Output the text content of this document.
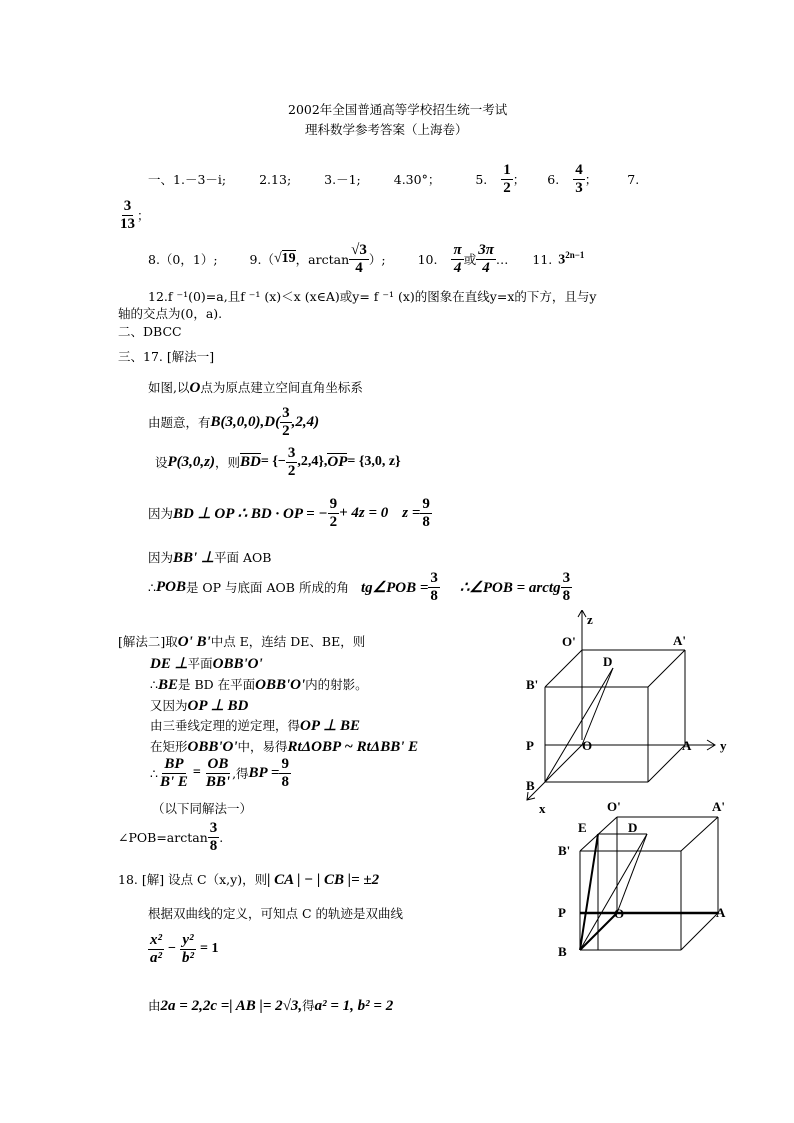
2002年全国普通高等学校招生统一考试
理科数学参考答案（上海卷）
一、 1.－3－i;	2.13;	3.－1;	4.30°；	5. $\frac{1}{2}$ ； 6. $\frac{4}{3}$ ； 7.
$\frac{3}{13}$ ；
8.（0，1）;	9.（ √19 ，$\arctan \frac{√3}{4}$ ）;	10. $\frac{\pi}{4}$ 或 $\frac{3\pi}{4}$ … 11. $3^{2n-1}$
12.f ⁻¹(0)=a,且f ⁻¹ (x)＜x (x∈A)或y= f ⁻¹ (x)的图象在直线y=x的下方，且与y
轴的交点为(0，a).
二、DBCC
三、17. [解法一]
如图,以O点为原点建立空间直角坐标系
由题意，有 $B(3,0,0),D( \frac{3}{2} ,2,4)$
设 P(3,0,z) ，则 BD = {− $\frac{3}{2} ,2,4$}, OP = {3,0, z}
因为 BD ⊥ OP ∴ BD · OP = − $\frac{9}{2} + 4z = 0$ $z = \frac{9}{8}$
因为BB' ⊥平面 AOB
∴ POB 是 OP 与底面 AOB 所成的角 tg∠POB = $\frac{3}{8}$ ∴∠POB = arctg $\frac{3}{8}$
[解法二]取O' B'中点 E，连结 DE、BE，则
DE ⊥平面OBB'O'
∴BE是 BD 在平面OBB'O'内的射影。
又因为OP ⊥ BD
由三垂线定理的逆定理，得OP ⊥ BE
在矩形OBB'O'中，易得RtΔOBP ~ RtΔBB' E
∴ $\frac{BP}{B' E} = \frac{OB}{BB'}$ ,得 BP = $\frac{9}{8}$
（以下同解法一）
∠POB=arctan $\frac{3}{8}$ .
18. [解] 设点 C（x,y)，则| CA | − | CB |= ±2
根据双曲线的定义，可知点 C 的轨迹是双曲线
$\frac{\text{x²}}{\text{a²}} - \frac{\text{y²}}{\text{b²}} = 1$
由2a = 2,2c =| AB |= 2√3,得a² = 1, b² = 2
z
O'	A'
D
B'
P	O	A y
B
x	O'	A'
E	D
B'
P	O	A
B
